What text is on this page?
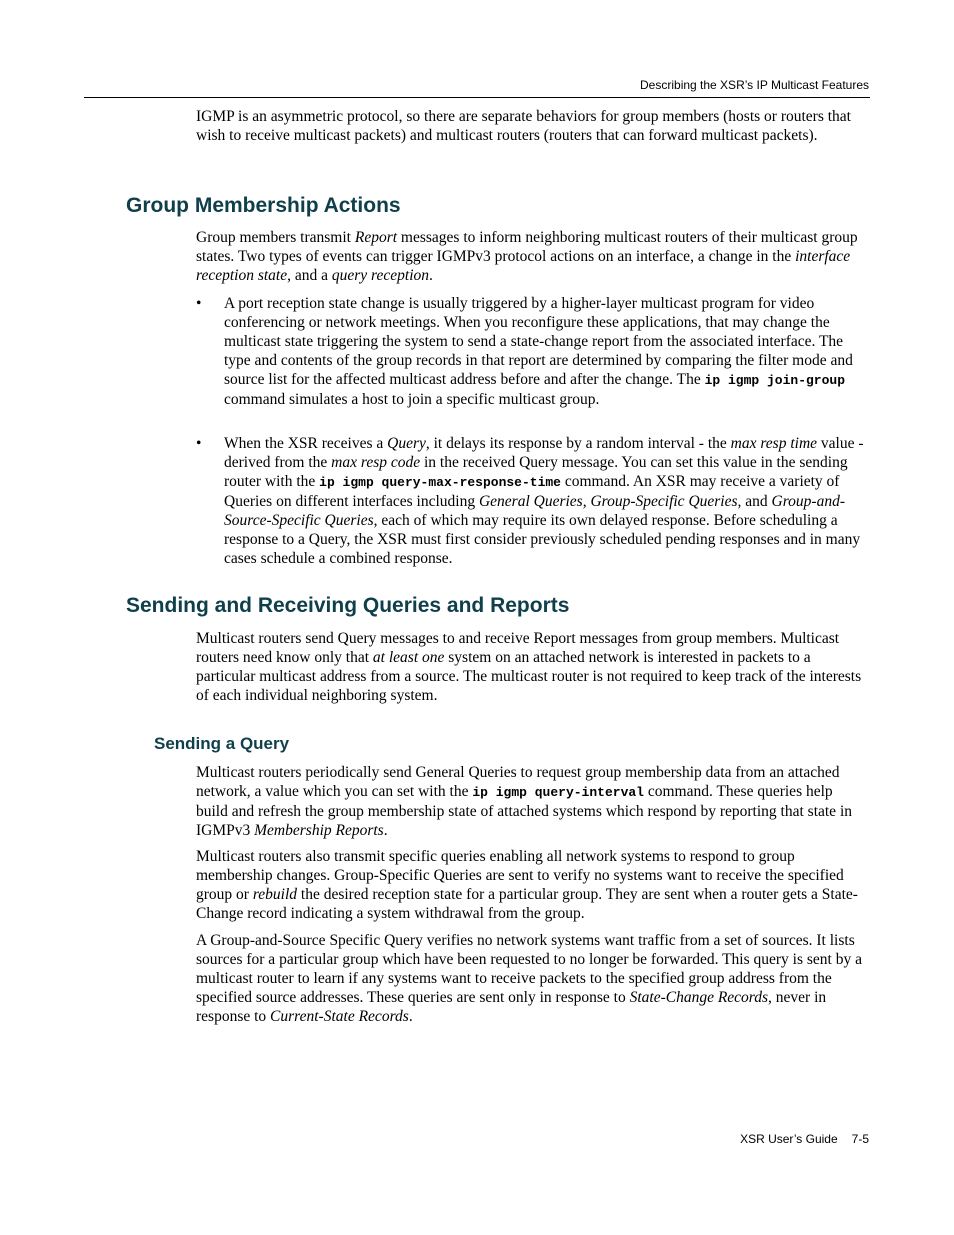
Describing the XSR’s IP Multicast Features

IGMP is an asymmetric protocol, so there are separate behaviors for group members (hosts or routers that wish to receive multicast packets) and multicast routers (routers that can forward multicast packets).

Group Membership Actions

Group members transmit Report messages to inform neighboring multicast routers of their multicast group states. Two types of events can trigger IGMPv3 protocol actions on an interface, a change in the interface reception state, and a query reception.

•	A port reception state change is usually triggered by a higher-layer multicast program for video conferencing or network meetings. When you reconfigure these applications, that may change the multicast state triggering the system to send a state-change report from the associated interface. The type and contents of the group records in that report are determined by comparing the filter mode and source list for the affected multicast address before and after the change. The ip igmp join-group command simulates a host to join a specific multicast group.
•	When the XSR receives a Query, it delays its response by a random interval - the max resp time value - derived from the max resp code in the received Query message. You can set this value in the sending router with the ip igmp query-max-response-time command. An XSR may receive a variety of Queries on different interfaces including General Queries, Group-Specific Queries, and Group-and-Source-Specific Queries, each of which may require its own delayed response. Before scheduling a response to a Query, the XSR must first consider previously scheduled pending responses and in many cases schedule a combined response.
Sending and Receiving Queries and Reports

Multicast routers send Query messages to and receive Report messages from group members. Multicast routers need know only that at least one system on an attached network is interested in packets to a particular multicast address from a source. The multicast router is not required to keep track of the interests of each individual neighboring system.

Sending a Query

Multicast routers periodically send General Queries to request group membership data from an attached network, a value which you can set with the ip igmp query-interval command. These queries help build and refresh the group membership state of attached systems which respond by reporting that state in IGMPv3 Membership Reports.

Multicast routers also transmit specific queries enabling all network systems to respond to group membership changes. Group-Specific Queries are sent to verify no systems want to receive the specified group or rebuild the desired reception state for a particular group. They are sent when a router gets a State-Change record indicating a system withdrawal from the group.

A Group-and-Source Specific Query verifies no network systems want traffic from a set of sources. It lists sources for a particular group which have been requested to no longer be forwarded. This query is sent by a multicast router to learn if any systems want to receive packets to the specified group address from the specified source addresses. These queries are sent only in response to State-Change Records, never in response to Current-State Records.

XSR User’s Guide 7-5
